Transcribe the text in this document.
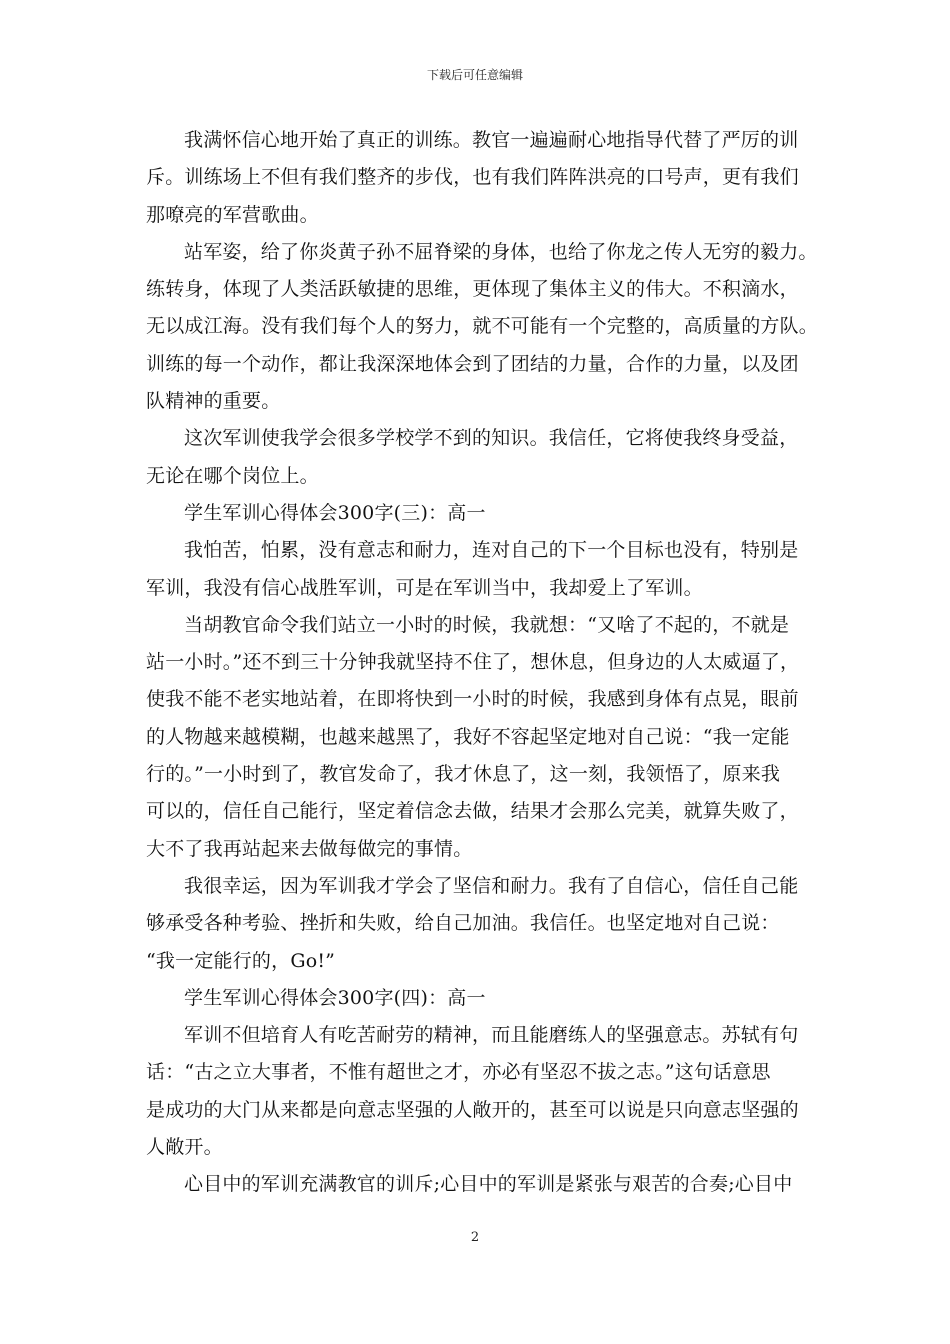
下载后可任意编辑
我满怀信心地开始了真正的训练。教官一遍遍耐心地指导代替了严厉的训
斥。训练场上不但有我们整齐的步伐，也有我们阵阵洪亮的口号声，更有我们
那嘹亮的军营歌曲。
站军姿，给了你炎黄子孙不屈脊梁的身体，也给了你龙之传人无穷的毅力。
练转身，体现了人类活跃敏捷的思维，更体现了集体主义的伟大。不积滴水，
无以成江海。没有我们每个人的努力，就不可能有一个完整的，高质量的方队。
训练的每一个动作，都让我深深地体会到了团结的力量，合作的力量，以及团
队精神的重要。
这次军训使我学会很多学校学不到的知识。我信任，它将使我终身受益，
无论在哪个岗位上。
学生军训心得体会300字(三)：高一
我怕苦，怕累，没有意志和耐力，连对自己的下一个目标也没有，特别是
军训，我没有信心战胜军训，可是在军训当中，我却爱上了军训。
当胡教官命令我们站立一小时的时候，我就想：“又啥了不起的，不就是
站一小时。”还不到三十分钟我就坚持不住了，想休息，但身边的人太威逼了，
使我不能不老实地站着，在即将快到一小时的时候，我感到身体有点晃，眼前
的人物越来越模糊，也越来越黑了，我好不容起坚定地对自己说：“我一定能
行的。”一小时到了，教官发命了，我才休息了，这一刻，我领悟了，原来我
可以的，信任自己能行，坚定着信念去做，结果才会那么完美，就算失败了，
大不了我再站起来去做每做完的事情。
我很幸运，因为军训我才学会了坚信和耐力。我有了自信心，信任自己能
够承受各种考验、挫折和失败，给自己加油。我信任。也坚定地对自己说：
“我一定能行的，Go!”
学生军训心得体会300字(四)：高一
军训不但培育人有吃苦耐劳的精神，而且能磨练人的坚强意志。苏轼有句
话：“古之立大事者，不惟有超世之才，亦必有坚忍不拔之志。”这句话意思
是成功的大门从来都是向意志坚强的人敞开的，甚至可以说是只向意志坚强的
人敞开。
心目中的军训充满教官的训斥;心目中的军训是紧张与艰苦的合奏;心目中
2
